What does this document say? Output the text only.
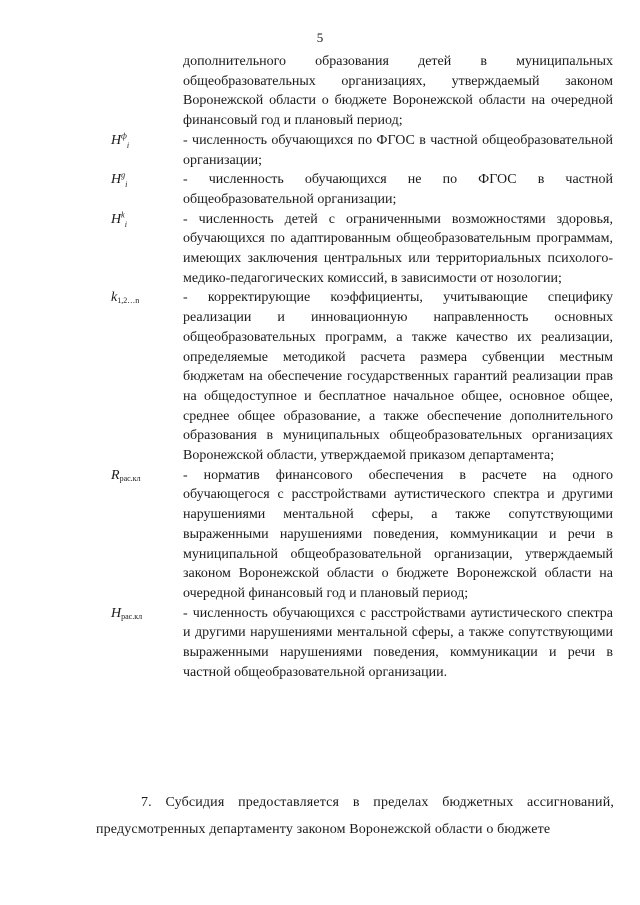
5
дополнительного образования детей в муниципальных общеобразовательных организациях, утверждаемый законом Воронежской области о бюджете Воронежской области на очередной финансовый год и плановый период;
$H^ф_i$	- численность обучающихся по ФГОС в частной общеобразовательной организации;
$H^g_i$	- численность обучающихся не по ФГОС в частной общеобразовательной организации;
$H^k_i$	- численность детей с ограниченными возможностями здоровья, обучающихся по адаптированным общеобразовательным программам, имеющих заключения центральных или территориальных психолого-медико-педагогических комиссий, в зависимости от нозологии;
k1,2…n	- корректирующие коэффициенты, учитывающие специфику реализации и инновационную направленность основных общеобразовательных программ, а также качество их реализации, определяемые методикой расчета размера субвенции местным бюджетам на обеспечение государственных гарантий реализации прав на общедоступное и бесплатное начальное общее, основное общее, среднее общее образование, а также обеспечение дополнительного образования в муниципальных общеобразовательных организациях Воронежской области, утверждаемой приказом департамента;
Rрас.кл	- норматив финансового обеспечения в расчете на одного обучающегося с расстройствами аутистического спектра и другими нарушениями ментальной сферы, а также сопутствующими выраженными нарушениями поведения, коммуникации и речи в муниципальной общеобразовательной организации, утверждаемый законом Воронежской области о бюджете Воронежской области на очередной финансовый год и плановый период;
Hрас.кл	- численность обучающихся с расстройствами аутистического спектра и другими нарушениями ментальной сферы, а также сопутствующими выраженными нарушениями поведения, коммуникации и речи в частной общеобразовательной организации.
7. Субсидия предоставляется в пределах бюджетных ассигнований, предусмотренных департаменту законом Воронежской области о бюджете
